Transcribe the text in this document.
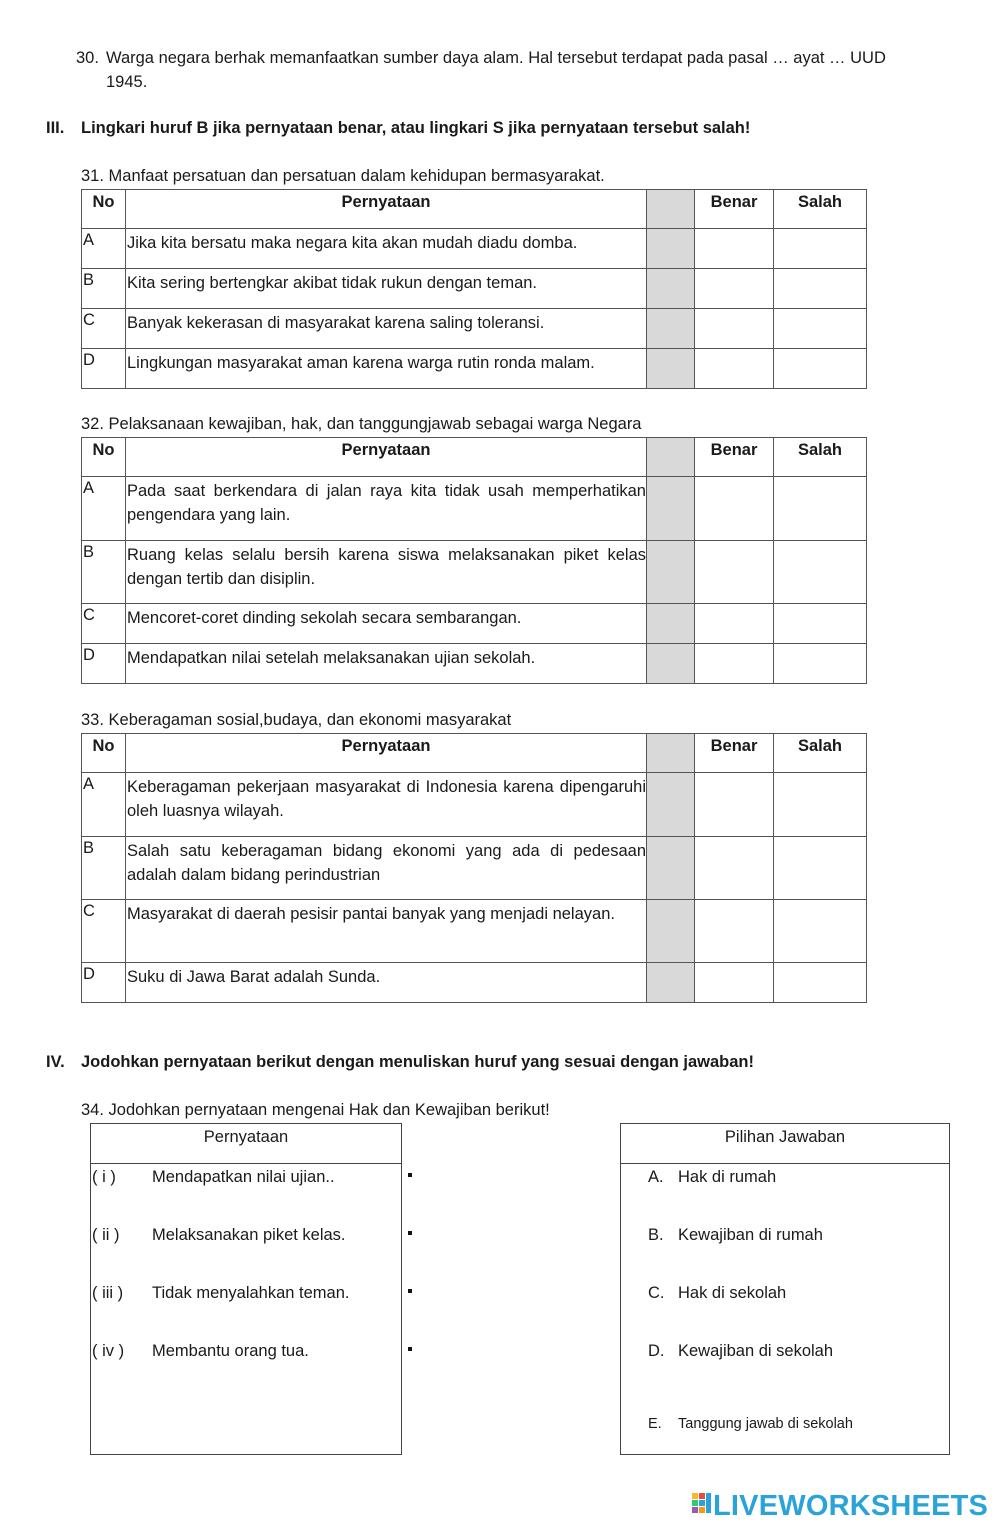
30. Warga negara berhak memanfaatkan sumber daya alam. Hal tersebut terdapat pada pasal … ayat … UUD
1945.
III. Lingkari huruf B jika pernyataan benar, atau lingkari S jika pernyataan tersebut salah!
31. Manfaat persatuan dan persatuan dalam kehidupan bermasyarakat.
No	Pernyataan		Benar	Salah
A	Jika kita bersatu maka negara kita akan mudah diadu domba.			
B	Kita sering bertengkar akibat tidak rukun dengan teman.			
C	Banyak kekerasan di masyarakat karena saling toleransi.			
D	Lingkungan masyarakat aman karena warga rutin ronda malam.			
32. Pelaksanaan kewajiban, hak, dan tanggungjawab sebagai warga Negara
No	Pernyataan		Benar	Salah
A	Pada saat berkendara di jalan raya kita tidak usah memperhatikan pengendara yang lain.			
B	Ruang kelas selalu bersih karena siswa melaksanakan piket kelas dengan tertib dan disiplin.			
C	Mencoret-coret dinding sekolah secara sembarangan.			
D	Mendapatkan nilai setelah melaksanakan ujian sekolah.			
33. Keberagaman sosial,budaya, dan ekonomi masyarakat
No	Pernyataan		Benar	Salah
A	Keberagaman pekerjaan masyarakat di Indonesia karena dipengaruhi oleh luasnya wilayah.			
B	Salah satu keberagaman bidang ekonomi yang ada di pedesaan adalah dalam bidang perindustrian			
C	Masyarakat di daerah pesisir pantai banyak yang menjadi nelayan.			
D	Suku di Jawa Barat adalah Sunda.			
IV. Jodohkan pernyataan berikut dengan menuliskan huruf yang sesuai dengan jawaban!
34. Jodohkan pernyataan mengenai Hak dan Kewajiban berikut!
Pernyataan
( i )	Mendapatkan nilai ujian..
( ii )	Melaksanakan piket kelas.
( iii )	Tidak menyalahkan teman.
( iv )	Membantu orang tua.
Pilihan Jawaban
A. Hak di rumah
B. Kewajiban di rumah
C. Hak di sekolah
D. Kewajiban di sekolah
E. Tanggung jawab di sekolah
LIVEWORKSHEETS
